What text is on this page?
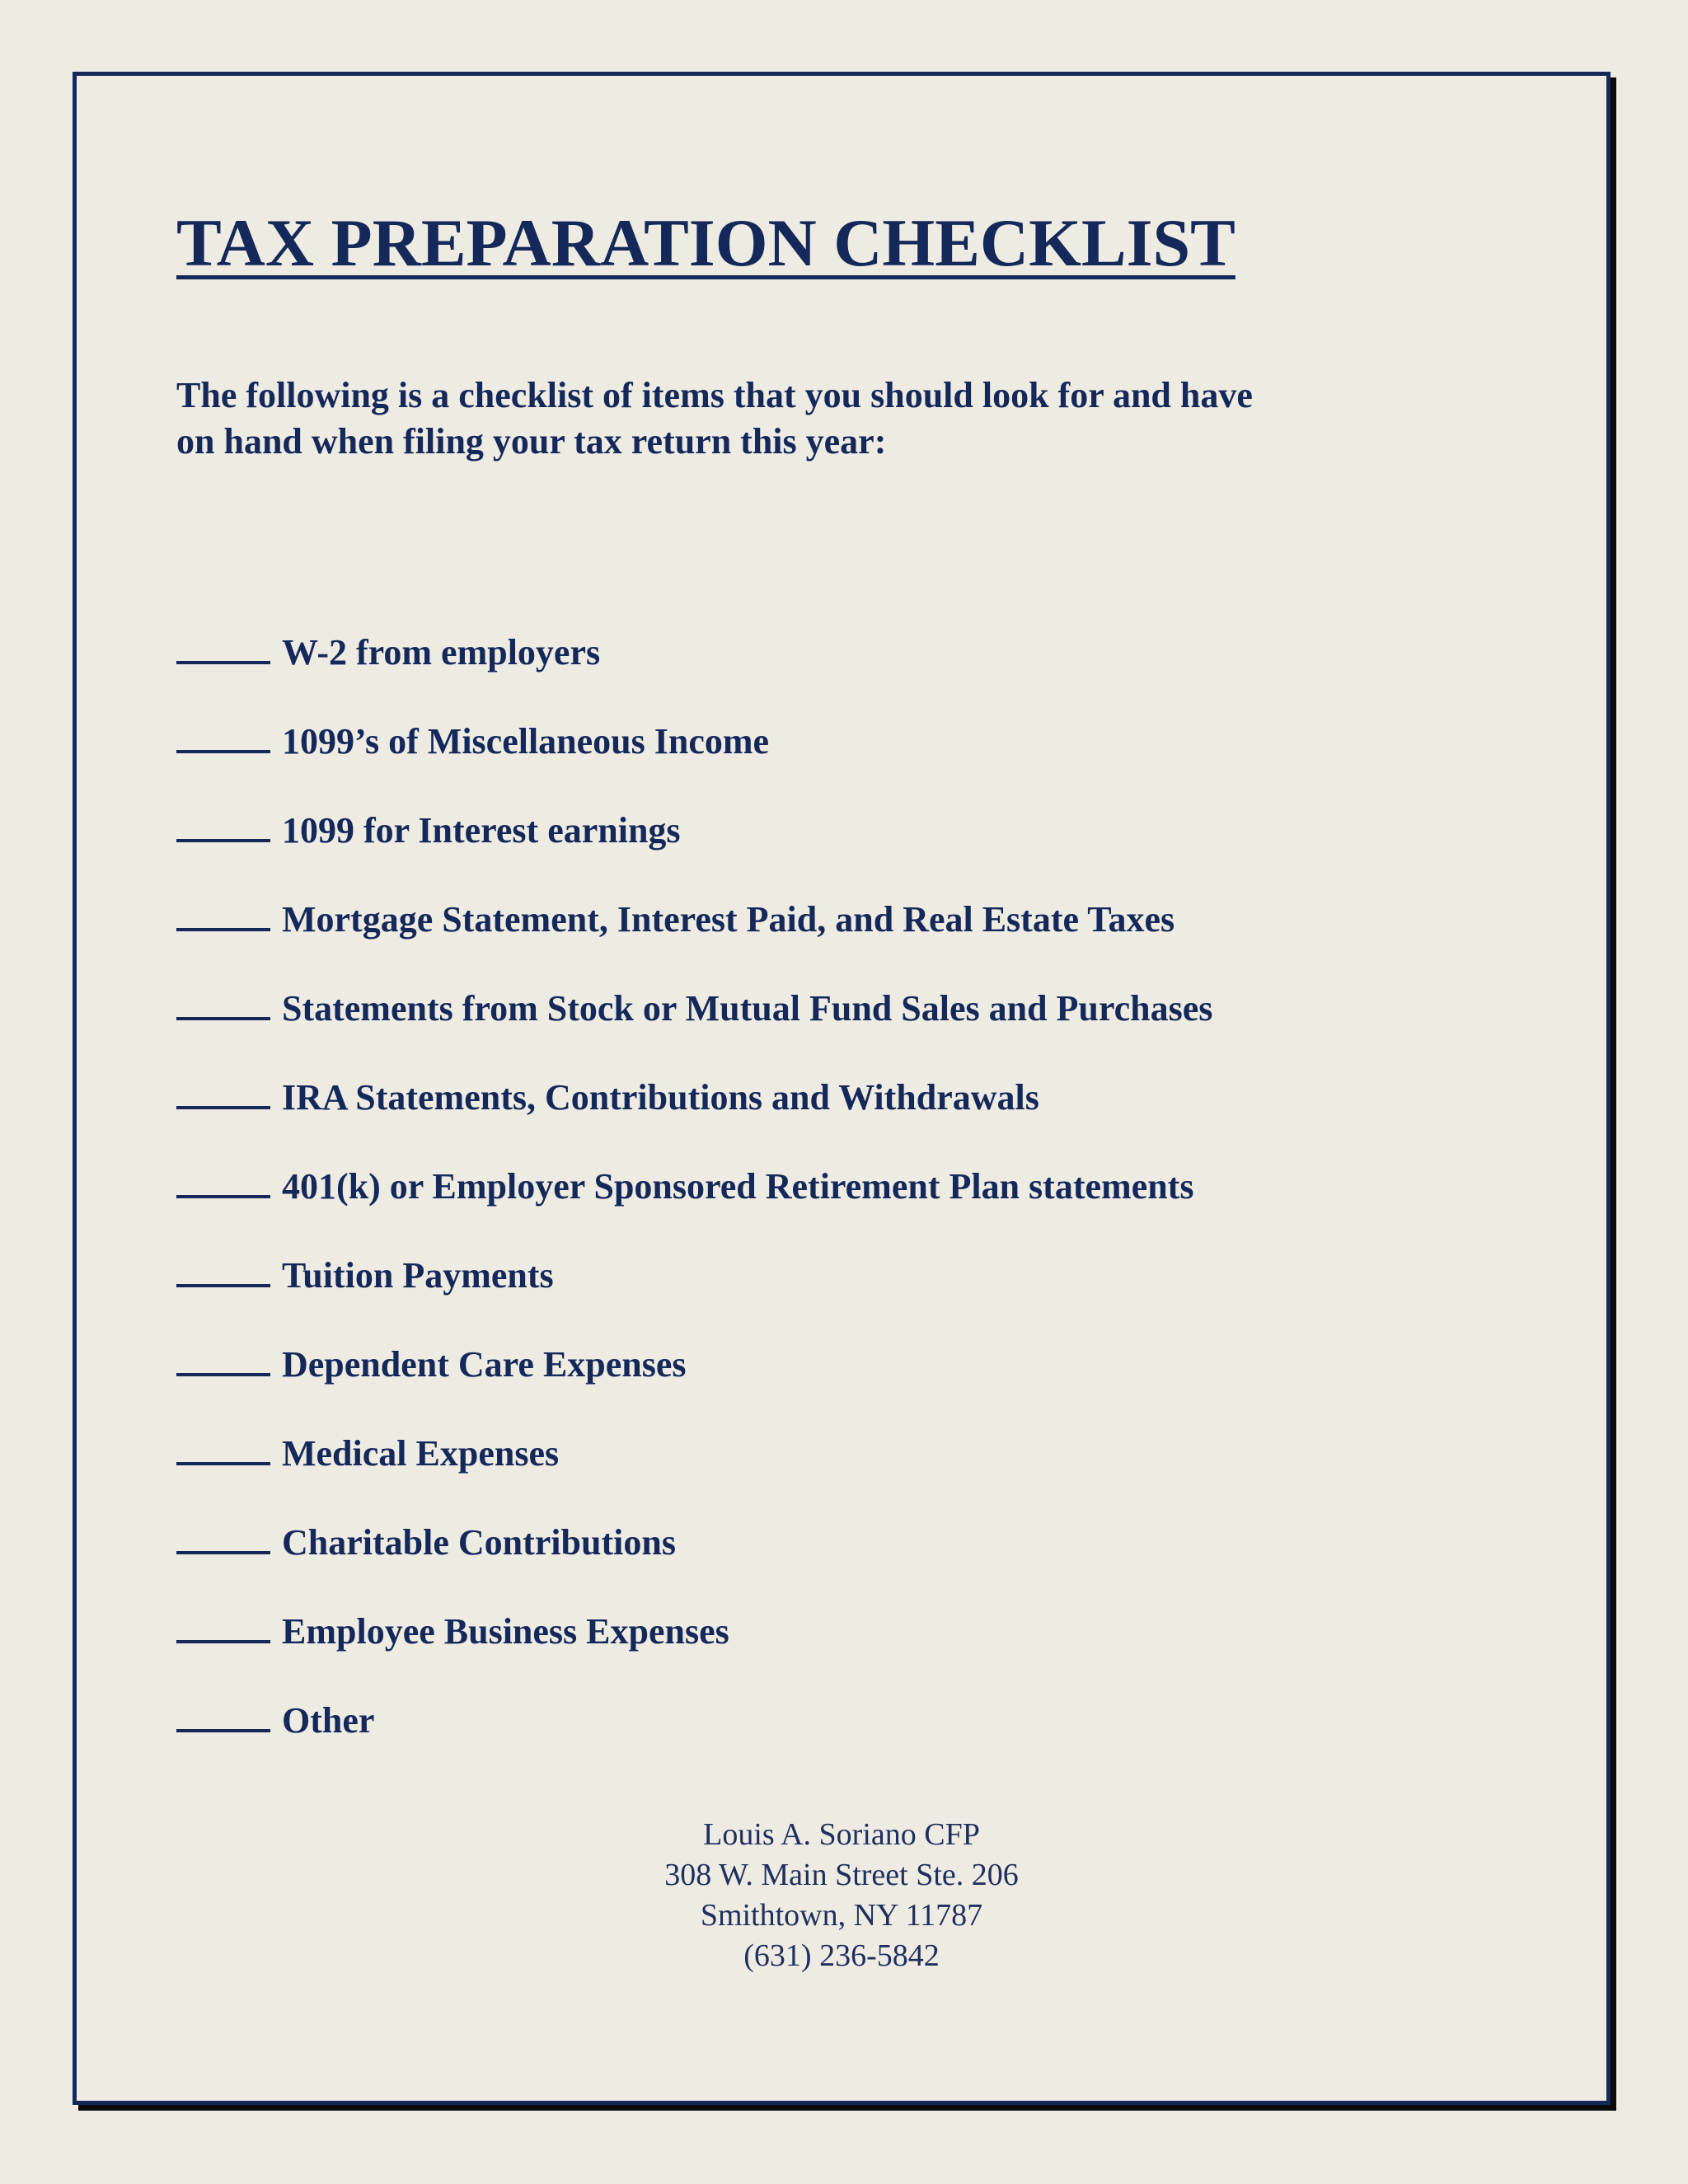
TAX PREPARATION CHECKLIST

The following is a checklist of items that you should look for and have
on hand when filing your tax return this year:

W-2 from employers
1099’s of Miscellaneous Income
1099 for Interest earnings
Mortgage Statement, Interest Paid, and Real Estate Taxes
Statements from Stock or Mutual Fund Sales and Purchases
IRA Statements, Contributions and Withdrawals
401(k) or Employer Sponsored Retirement Plan statements
Tuition Payments
Dependent Care Expenses
Medical Expenses
Charitable Contributions
Employee Business Expenses
Other
Louis A. Soriano CFP
308 W. Main Street Ste. 206
Smithtown, NY 11787
(631) 236-5842
